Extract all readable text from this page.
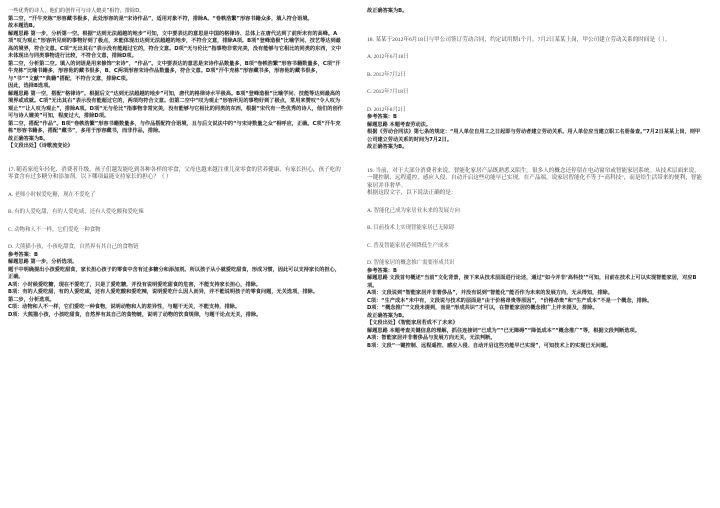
一些优秀的诗人，他们的创作可与诗人媲美”相符，排除D。

第二空，“汗牛充栋”形容藏书极多，此处形容的是“宋诗作品”，适用对象不符，排除A。“卷帙浩繁”形容书籍众多，填入符合语境。

故本题选B。

解题思路 第一步，分析第一空。根据“达到无法超越的地步”可知，文中要表达的意思是中国的格律诗、总体上在唐代达到了前所未有的高峰。A项“叹为观止”形容所见到的事物好到了极点，未能体现出达到无法超越的地步，不符合文意，排除A项。B项“登峰造极”比喻学问、技艺等达到最高的境界，符合文意。C项“无出其右”表示没有能超过它的，符合文意。D项“无与伦比”指事物非常完美，没有能够与它相比的同类的东西，文中未体现出与同类事物进行比较，不符合文意，排除D项。

第二空，分析第二空。填入的词语是用来修饰“宋诗”，“作品”。文中要表达的意思是宋诗作品数量多，B项“卷帙浩繁”形容书籍数量多，C项“汗牛充栋”比喻书籍多，形容他的藏书很多，B、C两项形容宋诗作品数量多，符合文意。D项“汗牛充栋”形容藏书多，形容他的藏书很多，与“书”“文献”“典籍”搭配，不符合文意，排除C项。

因此，选择B选项。

解题思路 第一空，搭配“格律诗”。根据后文“达到无法超越的地步”可知，唐代的格律诗水平极高。B项“登峰造极”比喻学问、技能等达到最高的境界或成就。C项“无出其右”表示没有能超过它的，两项均符合文意。但第二空中“叹为观止”形容所见的事物好到了极点，常用来赞叹“令人叹为观止”“让人叹为观止”，排除A项。D项“无与伦比”指事物非常完美，没有能够与它相比的同类的东西，根据“宋代有一些优秀的诗人，他们的创作可与诗人媲美”可知，程度过大，排除D项。

第二空，搭配“作品”。B项“卷帙浩繁”形容书籍数量多，与作品搭配符合语境，且与后文说法中的“与宋诗数量之众”相呼应，正确。C项“汗牛充栋”形容书籍多，搭配“藏书”，多用于形容藏书，而非作品，排除。

故正确答案为B。

【文段出处】《诗歌流变论》

17. 随着家庭年轻化、消费者升级，孩子们越发能吃到各种各样的零食，父母也越来越注重儿童零食的营养健康，有家长担心，孩子吃的零食含有过多糖分和添加剂。以下哪项最能支持家长的担心？（ ）

A. 老师小时候爱吃糖，现在不爱吃了

B. 有的人爱吃甜，有的人爱吃咸，还有人爱吃酸和爱吃辣

C. 动物和人不一样，它们爱吃一种食物

D. 大熊猫小孩，小孩吃甜食，自然界有其自己的食物链

参考答案：B

解题思路 第一步，分析选项。

题干中明确提出小孩爱吃甜食，家长担心孩子的零食中含有过多糖分和添加剂。所以孩子从小就爱吃甜食，形成习惯，因此可以支持家长的担心，正确。

A项：小时候爱吃糖，现在不爱吃了，只是了爱吃糖，并没有说明爱吃甜食的危害，不能支持家长担心，排除。

B项：有的人爱吃甜，有的人爱吃咸，还有人爱吃酸和爱吃辣，说明爱吃什么因人而异，并不能说明孩子的零食问题，无关选项，排除。

第二步，分析选项。

C项：动物和人不一样，它们爱吃一种食物，说明动物和人的差异性，与题干无关，不能支持，排除。

D项：大熊猫小孩，小孩吃甜食，自然界有其自己的食物链，说明了动物的饮食规律，与题干论点无关，排除。

故正确答案为B。

18. 某某于2012年6月18日与甲公司签订劳动合同，约定试用期1个月。7月2日某某上岗，甲公司建立劳动关系的时间是（ ）。

A. 2012年6月18日

B. 2012年7月2日

C. 2012年7月18日

D. 2012年8月2日

参考答案：B

解题思路 本题考查劳动法。

根据《劳动合同法》第七条的规定：“用人单位自用工之日起即与劳动者建立劳动关系。用人单位应当建立职工名册备查。”7月2日某某上岗，则甲公司建立劳动关系的时间为7月2日。

故正确答案为B。

19. 当前，对于大部分消费者来说，智能化家居产品既熟悉又陌生。很多人的概念还停留在电动窗帘或智能家居系统。从技术层面来说，一键控制、远程遥控、感应入侵、自动开启这些功能早已实现，在产品端，说家居智能化不等于“高科技”，而是给生活带来的便利，智能家居并非奢华。

根据这段文字，以下说法正确的是：

A. 智能化已成为家居业未来的发展方向

B. 目前技术上实现智能家居已无障碍

C. 普及智能家居必须降低生产成本

D. 智能家居的概念推广需要形成共识

参考答案：B

解题思路 文段首句概述“当前”文化背景，接下来从技术层面进行论述，通过“如今并非‘高科技’”可知，目前在技术上可以实现智能家居，对应B项。

A项：文段说到“智能家居并非奢侈品”，并没有说到“智能化”能否作为未来的发展方向，无从得知，排除。

C项：“生产成本”未中有，文段说与技术的层面是“由于价格昂贵等原因”，“价格昂贵”和“生产成本”不是一个概念，排除。

D项：“概念推广”文段未提到，而是“形成共识”才可以，在智能家居的概念推广上并未提及，排除。

故正确答案为B。

【文段出处】《智能家居若成不了未来》

解题思路 本题考查关键信息的理解，抓住连接词“已成为”“已无障碍”“降低成本”“概念推广”等，根据文段判断选项。

A项：智能家居并非奢侈品与发展方向无关，无法判断。

B项：文段“一键控制、远程遥控、感应入侵、自动开启这些功能早已实现”，可知技术上的实现已无问题。
